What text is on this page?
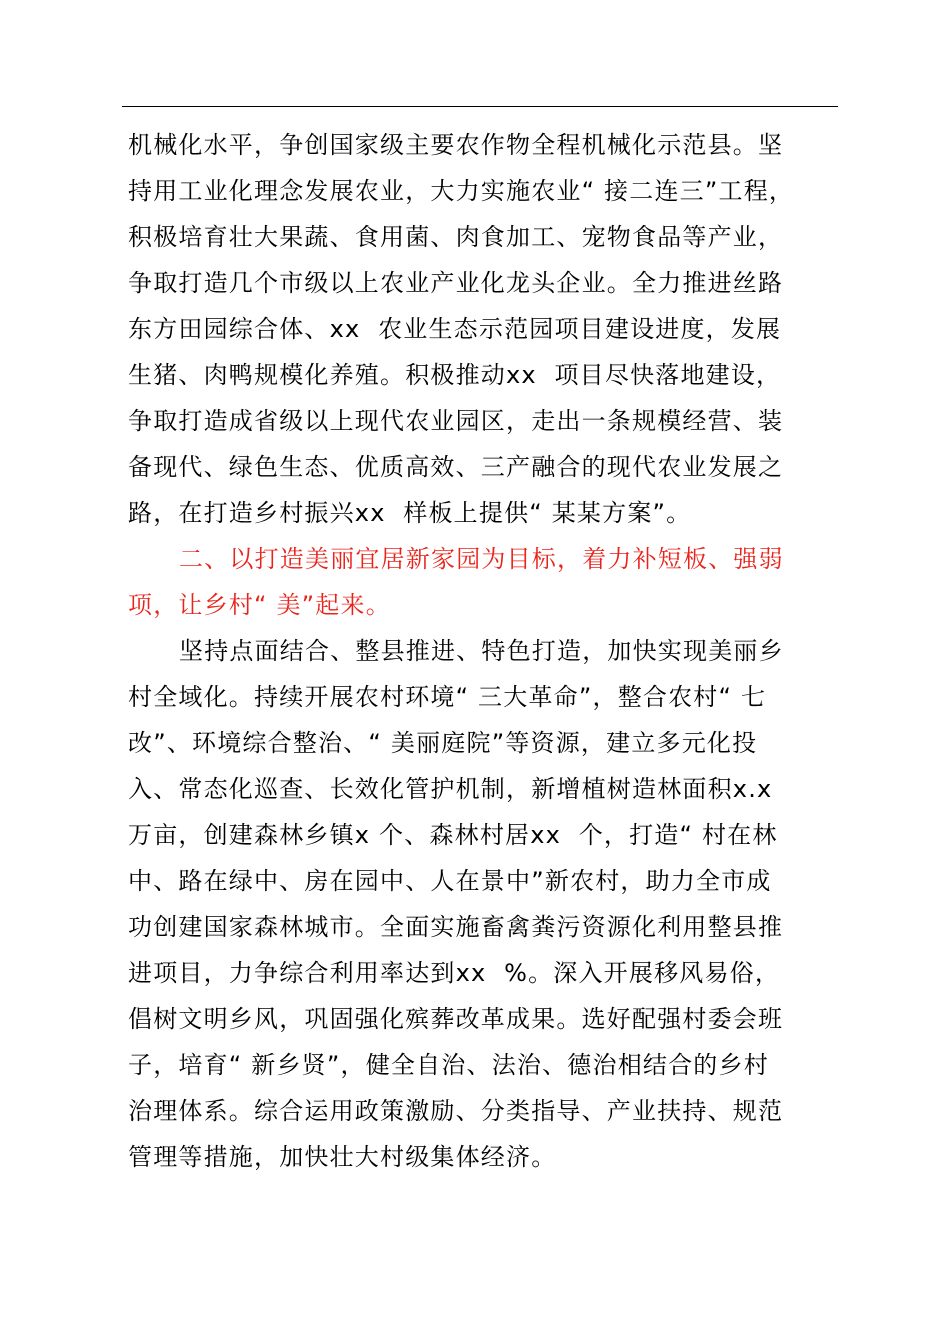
机械化水平，争创国家级主要农作物全程机械化示范县。坚
持用工业化理念发展农业，大力实施农业“ 接二连三”工程，
积极培育壮大果蔬、食用菌、肉食加工、宠物食品等产业，
争取打造几个市级以上农业产业化龙头企业。全力推进丝路
东方田园综合体、xx  农业生态示范园项目建设进度，发展
生猪、肉鸭规模化养殖。积极推动xx  项目尽快落地建设，
争取打造成省级以上现代农业园区，走出一条规模经营、装
备现代、绿色生态、优质高效、三产融合的现代农业发展之
路，在打造乡村振兴xx  样板上提供“ 某某方案”。
二、以打造美丽宜居新家园为目标，着力补短板、强弱
项，让乡村“ 美”起来。
坚持点面结合、整县推进、特色打造，加快实现美丽乡
村全域化。持续开展农村环境“ 三大革命”，整合农村“ 七
改”、环境综合整治、“ 美丽庭院”等资源，建立多元化投
入、常态化巡查、长效化管护机制，新增植树造林面积x.x
万亩，创建森林乡镇x 个、森林村居xx  个，打造“ 村在林
中、路在绿中、房在园中、人在景中”新农村，助力全市成
功创建国家森林城市。全面实施畜禽粪污资源化利用整县推
进项目，力争综合利用率达到xx  %。深入开展移风易俗，
倡树文明乡风，巩固强化殡葬改革成果。选好配强村委会班
子，培育“ 新乡贤”，健全自治、法治、德治相结合的乡村
治理体系。综合运用政策激励、分类指导、产业扶持、规范
管理等措施，加快壮大村级集体经济。
